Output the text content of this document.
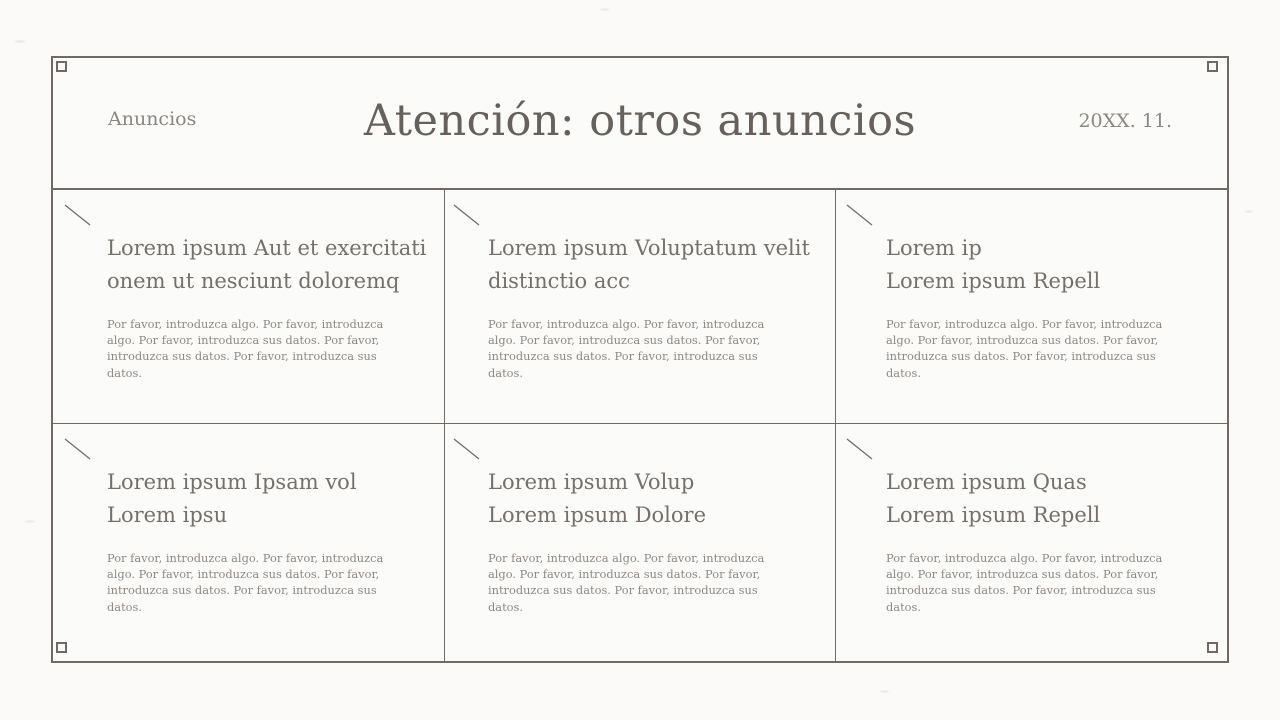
Anuncios	Atención: otros anuncios	20XX. 11.
Lorem ipsum Aut et exercitati
onem ut nesciunt doloremq
Por favor, introduzca algo. Por favor, introduzca algo. Por favor, introduzca sus datos. Por favor, introduzca sus datos. Por favor, introduzca sus datos.
Lorem ipsum Voluptatum velit
distinctio acc
Por favor, introduzca algo. Por favor, introduzca algo. Por favor, introduzca sus datos. Por favor, introduzca sus datos. Por favor, introduzca sus datos.
Lorem ip
Lorem ipsum Repell
Por favor, introduzca algo. Por favor, introduzca algo. Por favor, introduzca sus datos. Por favor, introduzca sus datos. Por favor, introduzca sus datos.
Lorem ipsum Ipsam vol
Lorem ipsu
Por favor, introduzca algo. Por favor, introduzca algo. Por favor, introduzca sus datos. Por favor, introduzca sus datos. Por favor, introduzca sus datos.
Lorem ipsum Volup
Lorem ipsum Dolore
Por favor, introduzca algo. Por favor, introduzca algo. Por favor, introduzca sus datos. Por favor, introduzca sus datos. Por favor, introduzca sus datos.
Lorem ipsum Quas
Lorem ipsum Repell
Por favor, introduzca algo. Por favor, introduzca algo. Por favor, introduzca sus datos. Por favor, introduzca sus datos. Por favor, introduzca sus datos.
